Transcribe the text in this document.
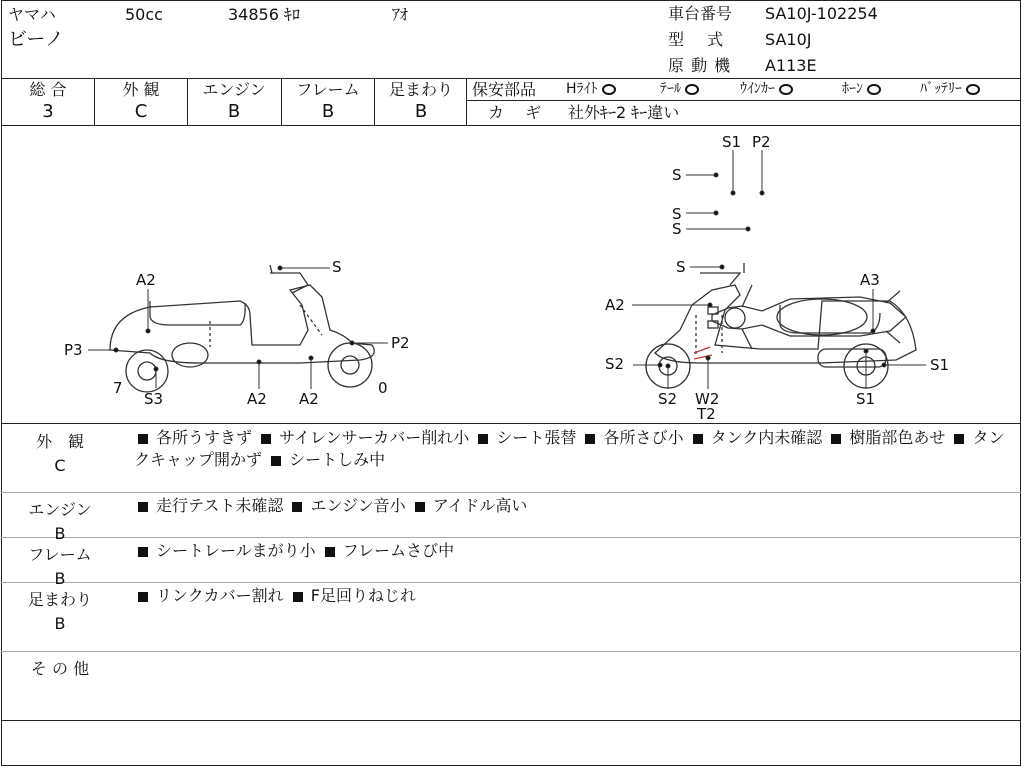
ヤマハ	50cc	34856 ｷﾛ	ｱｵ
ビーノ
車台番号 SA10J-102254
型 式	SA10J
原 動 機 A113E
総 合
3
外 観
C
エンジン
B
フレーム
B
足まわり
B
保安部品 Hﾗｲﾄ	ﾃｰﾙ	ｳｲﾝｶｰ	ﾎｰﾝ	ﾊﾞｯﾃﾘｰ
カ ギ 社外ｷｰ2 ｷｰ違い
S1 P2
S
S
S
A2
S
P3	P2
7
S3	A2 A2
0
S
A3
A2
S2	S1
S2 W2
T2
S1
外　観
C
各所うすきず サイレンサーカバー削れ小 シート張替 各所さび小 タンク内未確認 樹脂部色あせ タンクキャップ開かず シートしみ中
エンジン
B
走行テスト未確認 エンジン音小 アイドル高い
フレーム
B
シートレールまがり小 フレームさび中
足まわり
B
リンクカバー割れ F足回りねじれ
そ の 他
